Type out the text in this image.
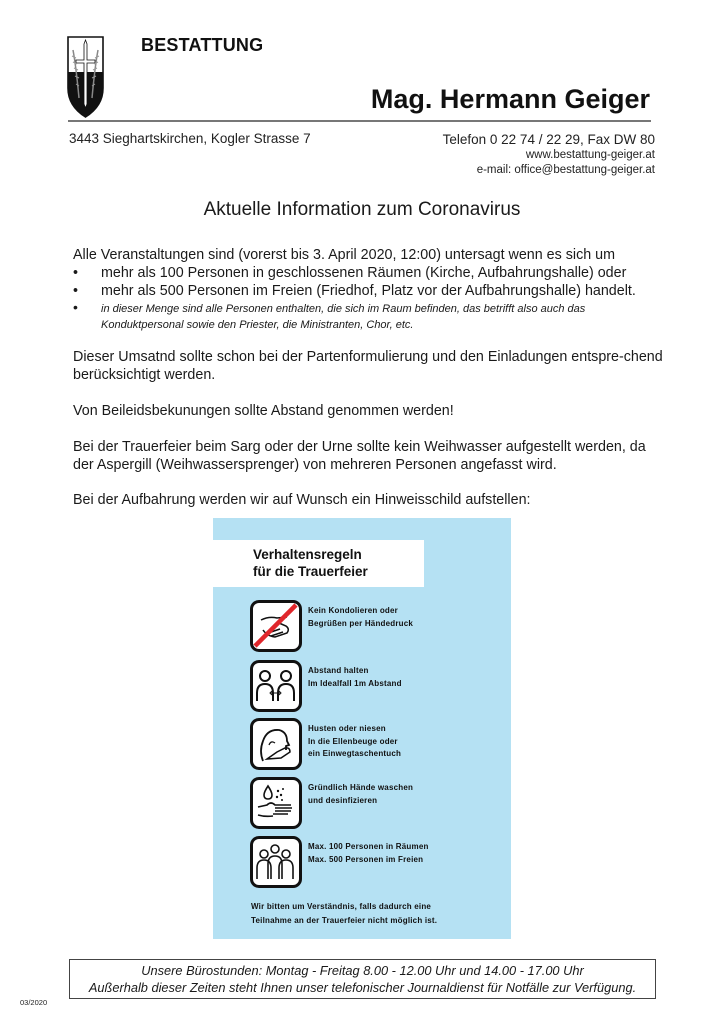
BESTATTUNG
Mag. Hermann Geiger
3443 Sieghartskirchen, Kogler Strasse 7	Telefon 0 22 74 / 22 29, Fax DW 80
www.bestattung-geiger.at
e-mail: office@bestattung-geiger.at
Aktuelle Information zum Coronavirus
Alle Veranstaltungen sind (vorerst bis 3. April 2020, 12:00) untersagt wenn es sich um
• mehr als 100 Personen in geschlossenen Räumen (Kirche, Aufbahrungshalle) oder
• mehr als 500 Personen im Freien (Friedhof, Platz vor der Aufbahrungshalle) handelt.
• in dieser Menge sind alle Personen enthalten, die sich im Raum befinden, das betrifft also auch das Konduktpersonal sowie den Priester, die Ministranten, Chor, etc.
Dieser Umsatnd sollte schon bei der Partenformulierung und den Einladungen entspre-chend berücksichtigt werden.
Von Beileidsbekunungen sollte Abstand genommen werden!
Bei der Trauerfeier beim Sarg oder der Urne sollte kein Weihwasser aufgestellt werden, da der Aspergill (Weihwassersprenger) von mehreren Personen angefasst wird.
Bei der Aufbahrung werden wir auf Wunsch ein Hinweisschild aufstellen:
Verhaltensregeln
für die Trauerfeier
Kein Kondolieren oder
Begrüßen per Händedruck
Abstand halten
Im Idealfall 1m Abstand
Husten oder niesen
In die Ellenbeuge oder
ein Einwegtaschentuch
Gründlich Hände waschen
und desinfizieren
Max. 100 Personen in Räumen
Max. 500 Personen im Freien
Wir bitten um Verständnis, falls dadurch eine
Teilnahme an der Trauerfeier nicht möglich ist.
Unsere Bürostunden: Montag - Freitag 8.00 - 12.00 Uhr und 14.00 - 17.00 Uhr
Außerhalb dieser Zeiten steht Ihnen unser telefonischer Journaldienst für Notfälle zur Verfügung.
03/2020
